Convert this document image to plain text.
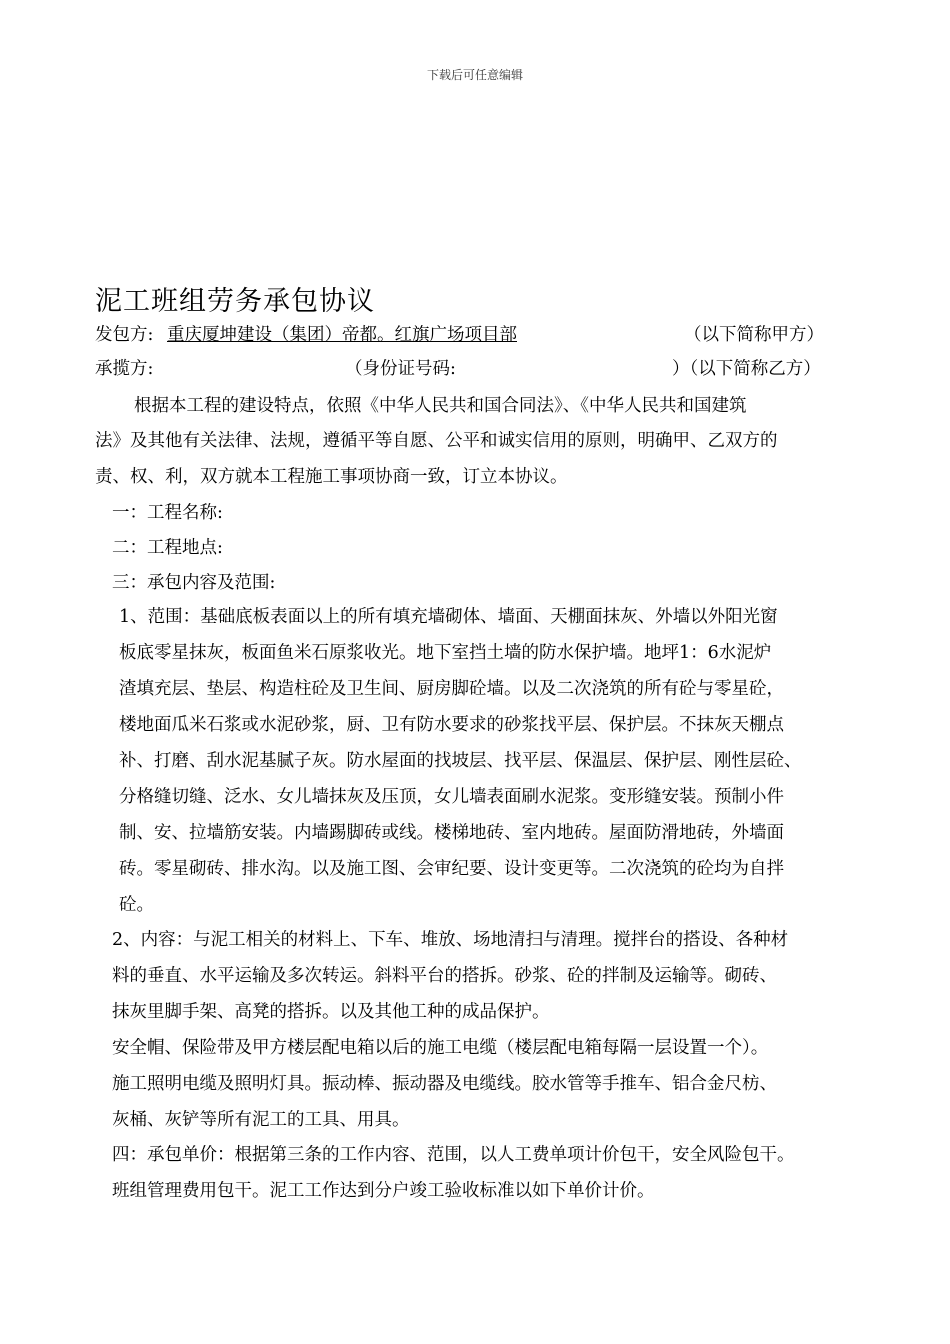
下载后可任意编辑
泥工班组劳务承包协议
发包方: 重庆厦坤建设（集团）帝都。红旗广场项目部	（以下简称甲方）
承揽方:	（身份证号码:	）（以下简称乙方）
根据本工程的建设特点，依照《中华人民共和国合同法》、《中华人民共和国建筑
法》及其他有关法律、法规，遵循平等自愿、公平和诚实信用的原则，明确甲、乙双方的
责、权、利，双方就本工程施工事项协商一致，订立本协议。
一：工程名称:
二：工程地点:
三：承包内容及范围:
1、范围：基础底板表面以上的所有填充墙砌体、墙面、天棚面抹灰、外墙以外阳光窗
板底零星抹灰，板面鱼米石原浆收光。地下室挡土墙的防水保护墙。地坪1：6水泥炉
渣填充层、垫层、构造柱砼及卫生间、厨房脚砼墙。以及二次浇筑的所有砼与零星砼，
楼地面瓜米石浆或水泥砂浆，厨、卫有防水要求的砂浆找平层、保护层。不抹灰天棚点
补、打磨、刮水泥基腻子灰。防水屋面的找坡层、找平层、保温层、保护层、刚性层砼、
分格缝切缝、泛水、女儿墙抹灰及压顶，女儿墙表面刷水泥浆。变形缝安装。预制小件
制、安、拉墙筋安装。内墙踢脚砖或线。楼梯地砖、室内地砖。屋面防滑地砖，外墙面
砖。零星砌砖、排水沟。以及施工图、会审纪要、设计变更等。二次浇筑的砼均为自拌
砼。
2、内容：与泥工相关的材料上、下车、堆放、场地清扫与清理。搅拌台的搭设、各种材
料的垂直、水平运输及多次转运。斜料平台的搭拆。砂浆、砼的拌制及运输等。砌砖、
抹灰里脚手架、高凳的搭拆。以及其他工种的成品保护。
安全帽、保险带及甲方楼层配电箱以后的施工电缆（楼层配电箱每隔一层设置一个）。
施工照明电缆及照明灯具。振动棒、振动器及电缆线。胶水管等手推车、铝合金尺枋、
灰桶、灰铲等所有泥工的工具、用具。
四：承包单价：根据第三条的工作内容、范围，以人工费单项计价包干，安全风险包干。
班组管理费用包干。泥工工作达到分户竣工验收标准以如下单价计价。
